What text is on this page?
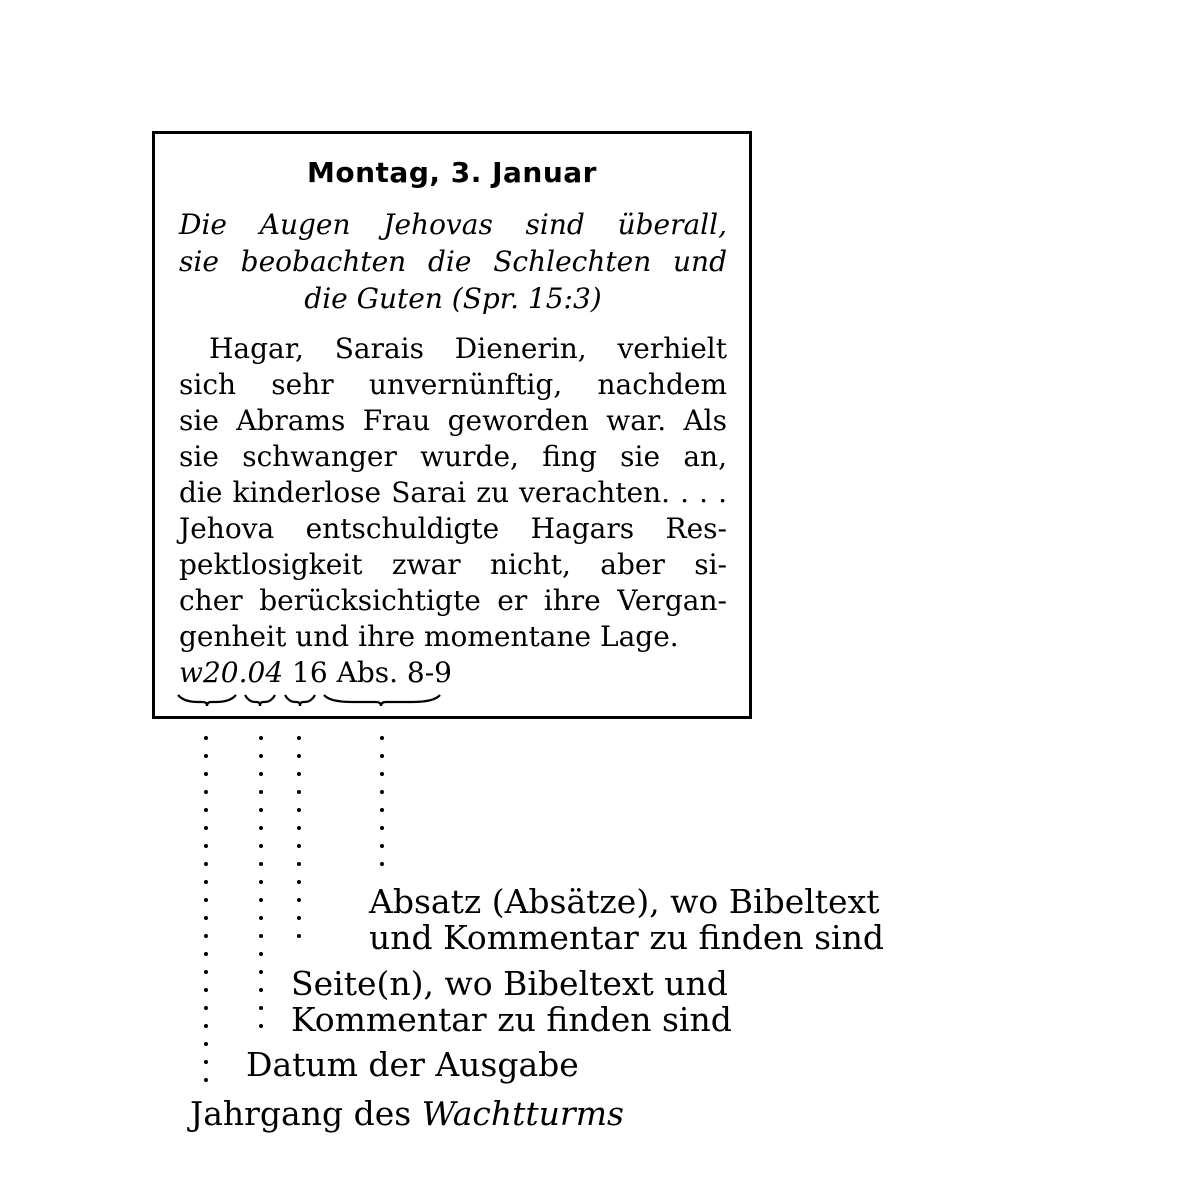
Montag, 3. Januar
Die Augen Jehovas sind überall,
sie beobachten die Schlechten und
die Guten (Spr. 15:3)
Hagar, Sarais Dienerin, verhielt
sich sehr unvernünftig, nachdem
sie Abrams Frau geworden war. Als
sie schwanger wurde, fing sie an,
die kinderlose Sarai zu verachten. . . .
Jehova entschuldigte Hagars Res-
pektlosigkeit zwar nicht, aber si-
cher berücksichtigte er ihre Vergan-
genheit und ihre momentane Lage.
w20.04 16 Abs. 8-9
Absatz (Absätze), wo Bibeltext
und Kommentar zu finden sind
Seite(n), wo Bibeltext und
Kommentar zu finden sind
Datum der Ausgabe
Jahrgang des Wachtturms
